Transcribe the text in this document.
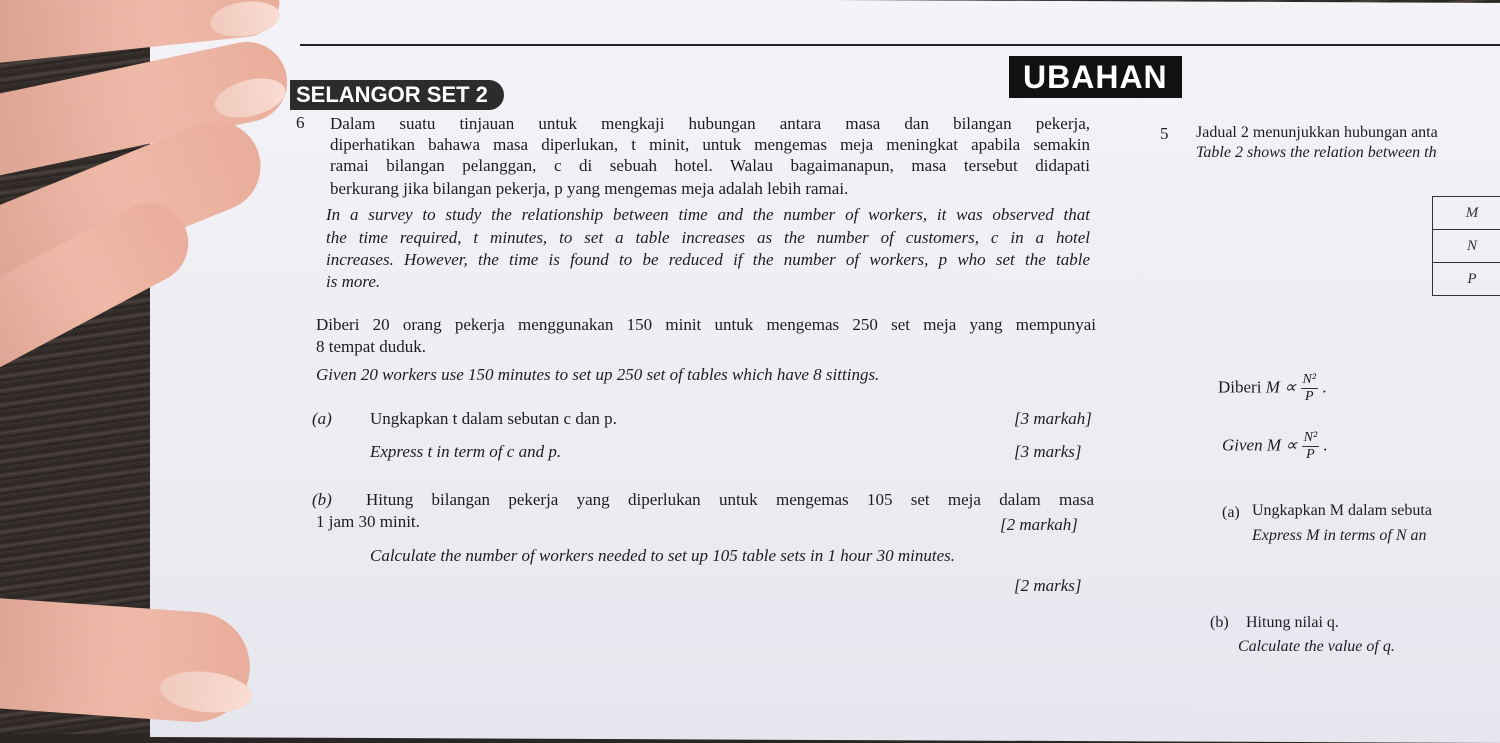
SELANGOR SET 2	UBAHAN
6 Dalam suatu tinjauan untuk mengkaji hubungan antara masa dan bilangan pekerja,
diperhatikan bahawa masa diperlukan, t minit, untuk mengemas meja meningkat apabila semakin
ramai bilangan pelanggan, c di sebuah hotel. Walau bagaimanapun, masa tersebut didapati
berkurang jika bilangan pekerja, p yang mengemas meja adalah lebih ramai.
In a survey to study the relationship between time and the number of workers, it was observed that
the time required, t minutes, to set a table increases as the number of customers, c in a hotel
increases. However, the time is found to be reduced if the number of workers, p who set the table
is more.
Diberi 20 orang pekerja menggunakan 150 minit untuk mengemas 250 set meja yang mempunyai
8 tempat duduk.
Given 20 workers use 150 minutes to set up 250 set of tables which have 8 sittings.
(a) Ungkapkan t dalam sebutan c dan p.	[3 markah]
Express t in term of c and p.	[3 marks]
(b) Hitung bilangan pekerja yang diperlukan untuk mengemas 105 set meja dalam masa
1 jam 30 minit.	[2 markah]
Calculate the number of workers needed to set up 105 table sets in 1 hour 30 minutes.
[2 marks]
5 Jadual 2 menunjukkan hubungan anta
Table 2 shows the relation between th
M
N
P
Diberi $M \propto \frac{\text{N²}}{P}$ .
Given $M \propto \frac{\text{N²}}{P}$ .
(a) Ungkapkan M dalam sebuta
Express M in terms of N an
(b) Hitung nilai q.
Calculate the value of q.
